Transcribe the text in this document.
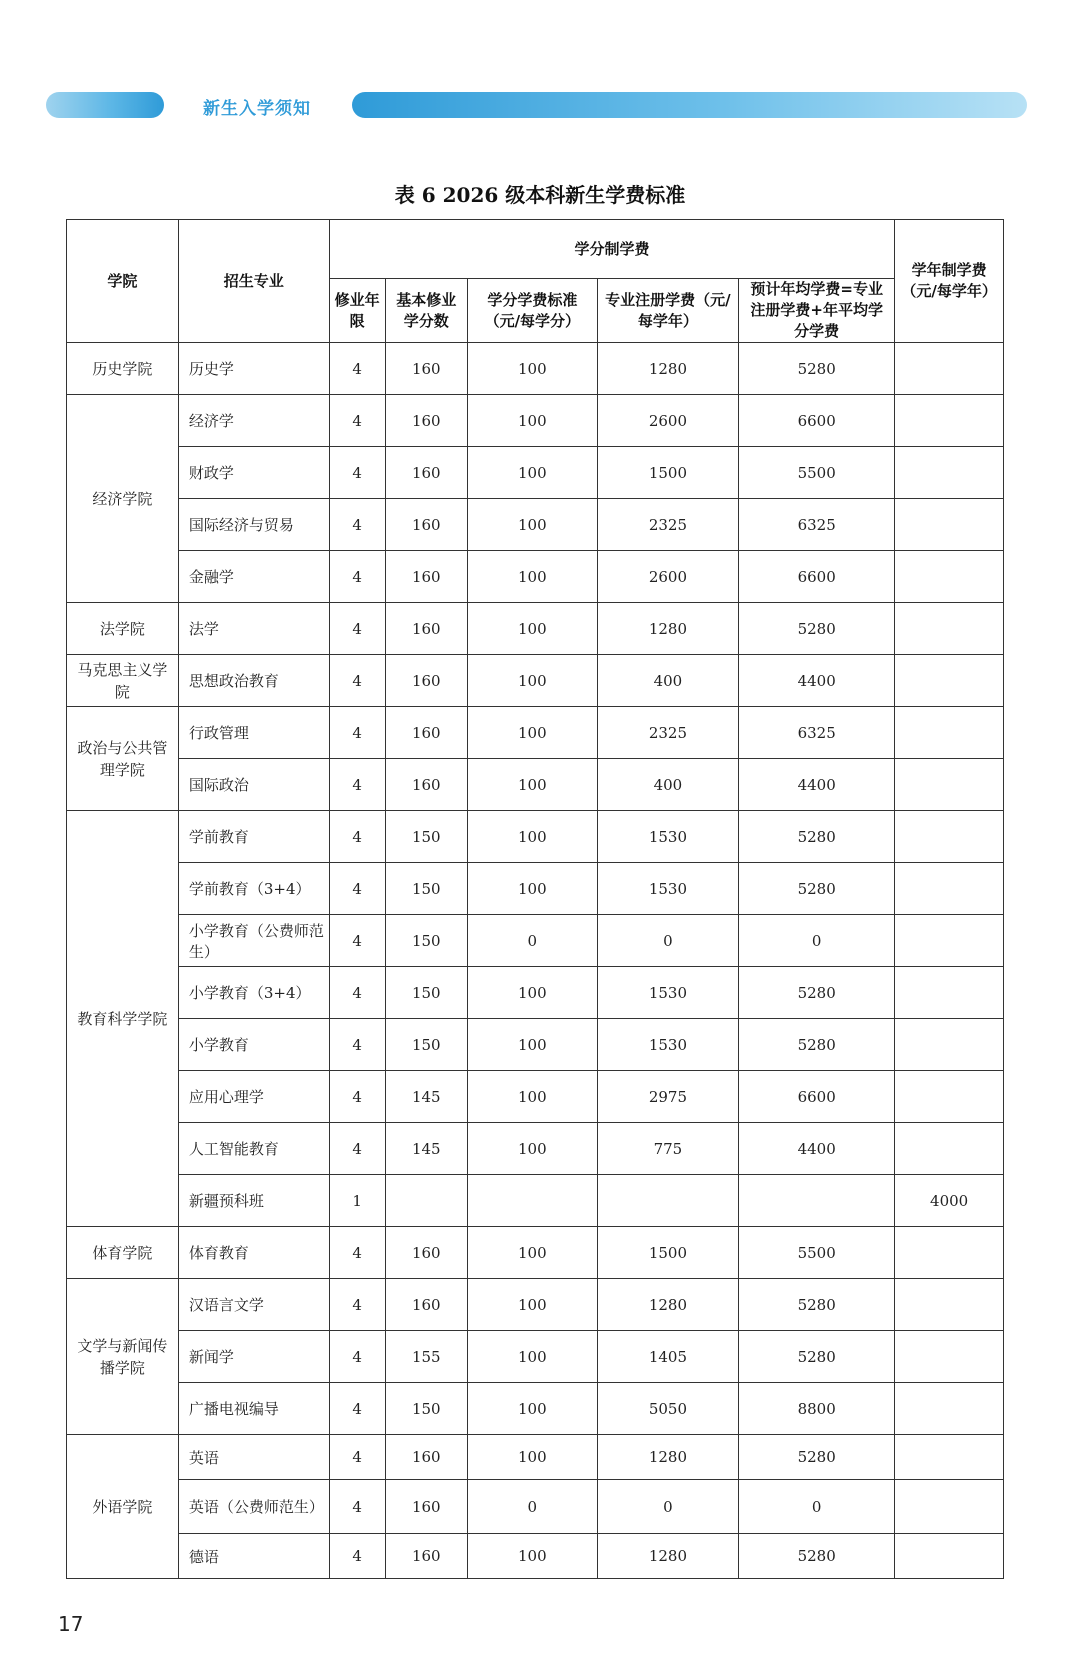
新生入学须知
表 6 2026 级本科新生学费标准
学院	招生专业	学分制学费					学年制学费（元/每学年）
		修业年限	基本修业学分数	学分学费标准（元/每学分）	专业注册学费（元/每学年）	预计年均学费=专业注册学费+年平均学分学费	
历史学院	历史学	4	160	100	1280	5280	
经济学院	经济学	4	160	100	2600	6600	
	财政学	4	160	100	1500	5500	
	国际经济与贸易	4	160	100	2325	6325	
	金融学	4	160	100	2600	6600	
法学院	法学	4	160	100	1280	5280	
马克思主义学院	思想政治教育	4	160	100	400	4400	
政治与公共管理学院	行政管理	4	160	100	2325	6325	
	国际政治	4	160	100	400	4400	
教育科学学院	学前教育	4	150	100	1530	5280	
	学前教育（3+4）	4	150	100	1530	5280	
	小学教育（公费师范生）	4	150	0	0	0	
	小学教育（3+4）	4	150	100	1530	5280	
	小学教育	4	150	100	1530	5280	
	应用心理学	4	145	100	2975	6600	
	人工智能教育	4	145	100	775	4400	
	新疆预科班	1					4000
体育学院	体育教育	4	160	100	1500	5500	
文学与新闻传播学院	汉语言文学	4	160	100	1280	5280	
	新闻学	4	155	100	1405	5280	
	广播电视编导	4	150	100	5050	8800	
外语学院	英语	4	160	100	1280	5280	
	英语（公费师范生）	4	160	0	0	0	
	德语	4	160	100	1280	5280	
17
